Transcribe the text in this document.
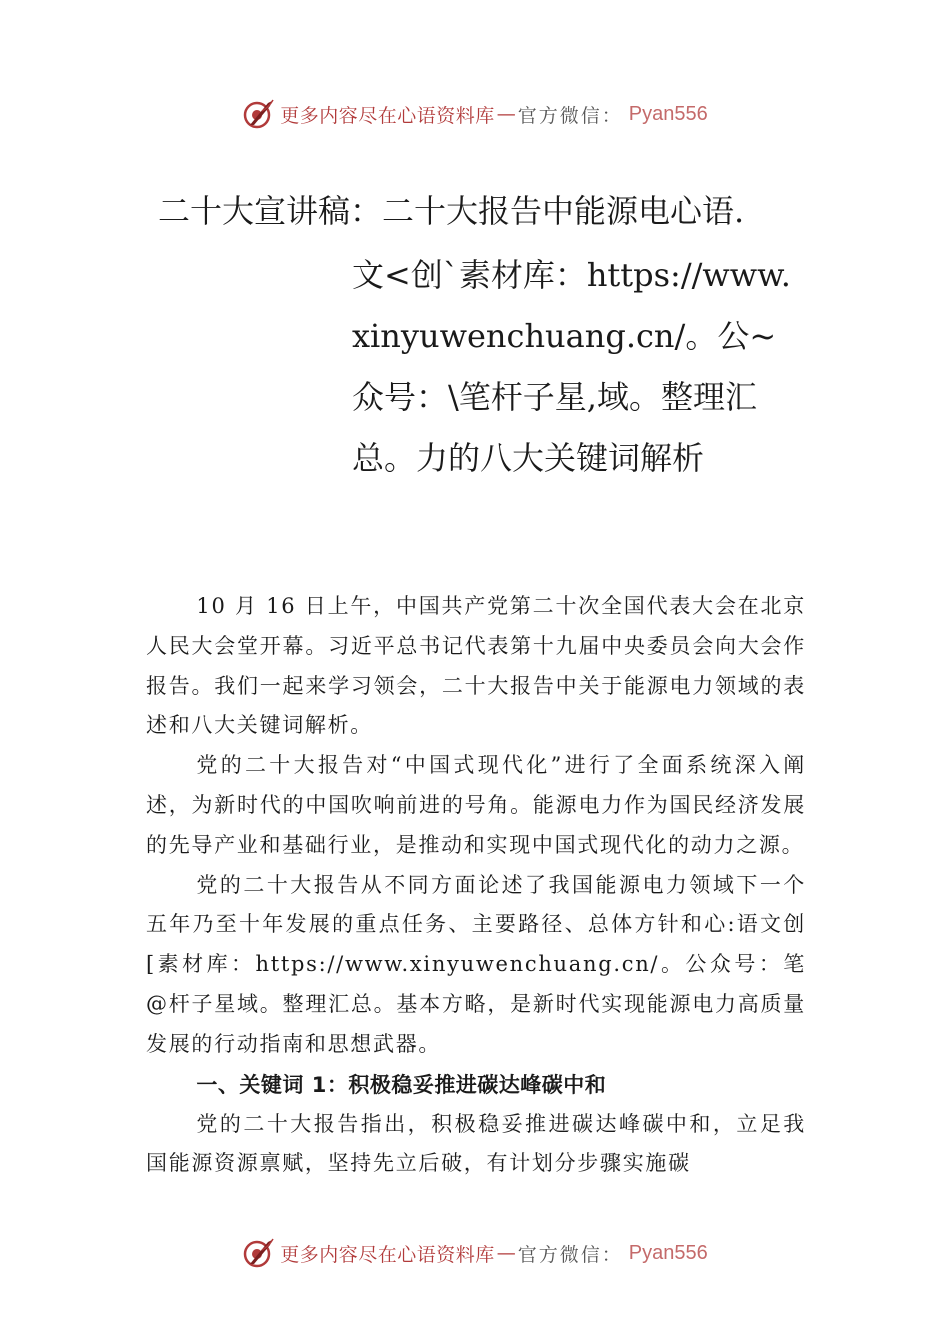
更多内容尽在心语资料库 — 官方微信： Pyan556
二十大宣讲稿：二十大报告中能源电心语.
文<创`素材库：https://www.xinyuwenchuang.cn/。公~众号：\笔杆子星,域。整理汇总。力的八大关键词解析

10 月 16 日上午，中国共产党第二十次全国代表大会在北京人民大会堂开幕。习近平总书记代表第十九届中央委员会向大会作报告。我们一起来学习领会，二十大报告中关于能源电力领域的表述和八大关键词解析。

党的二十大报告对“中国式现代化”进行了全面系统深入阐述，为新时代的中国吹响前进的号角。能源电力作为国民经济发展的先导产业和基础行业，是推动和实现中国式现代化的动力之源。

党的二十大报告从不同方面论述了我国能源电力领域下一个五年乃至十年发展的重点任务、主要路径、总体方针和心:语文创[素材库：https://www.xinyuwenchuang.cn/。公众号：笔@杆子星域。整理汇总。基本方略，是新时代实现能源电力高质量发展的行动指南和思想武器。

一、关键词 1：积极稳妥推进碳达峰碳中和

党的二十大报告指出，积极稳妥推进碳达峰碳中和，立足我国能源资源禀赋，坚持先立后破，有计划分步骤实施碳

更多内容尽在心语资料库 — 官方微信： Pyan556
